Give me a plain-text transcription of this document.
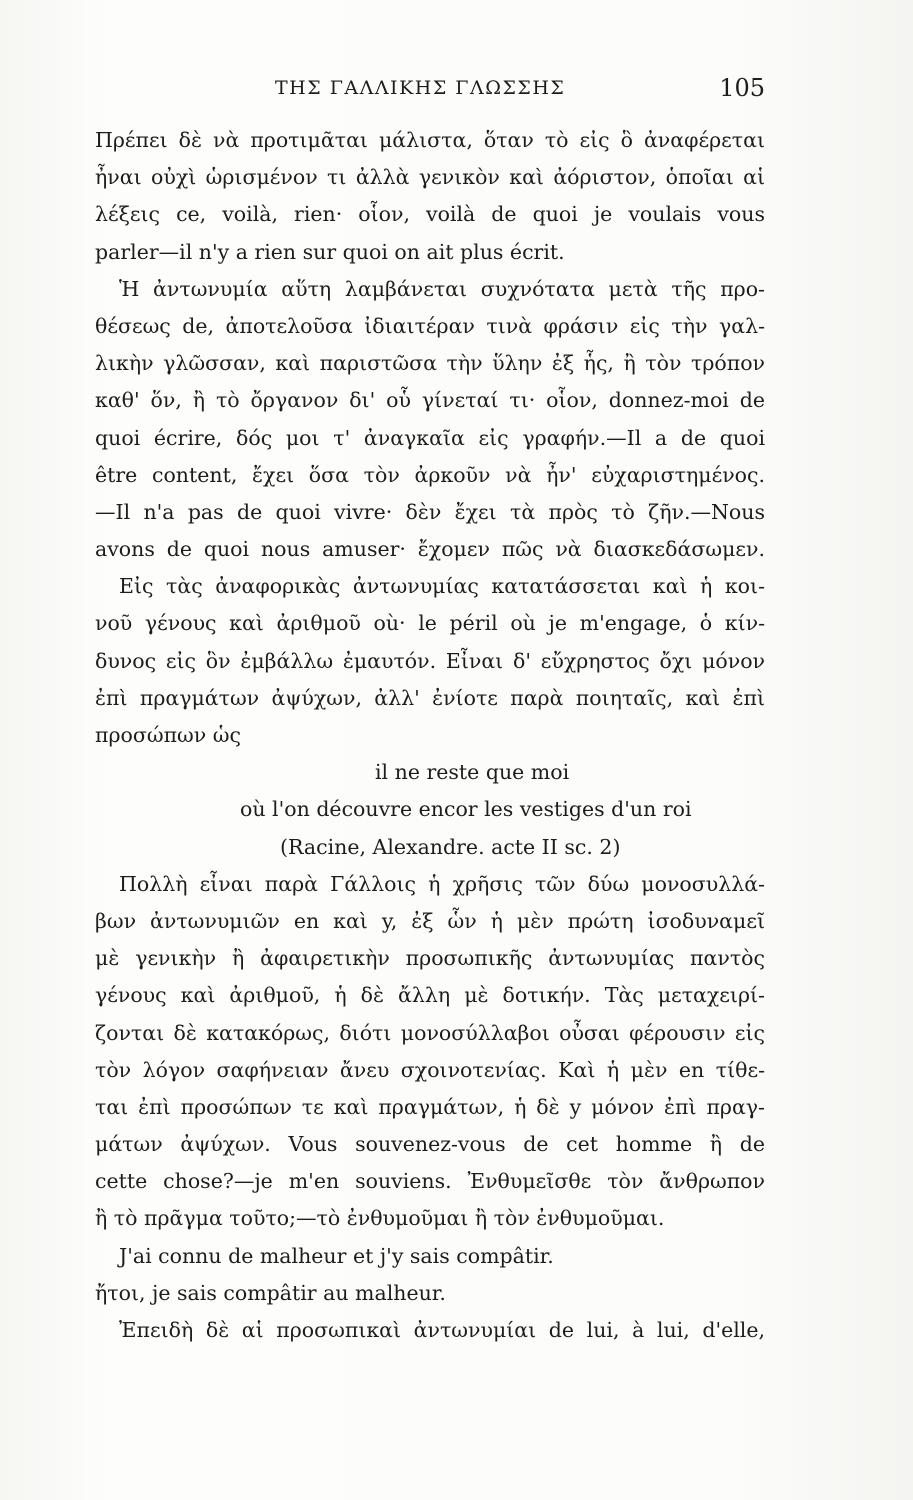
ΤΗΣ ΓΑΛΛΙΚΗΣ ΓΛΩΣΣΗΣ	105
Πρέπει δὲ νὰ προτιμᾶται μάλιστα, ὅταν τὸ εἰς ὃ ἀναφέρεται
ἦναι οὐχὶ ὡρισμένον τι ἀλλὰ γενικὸν καὶ ἀόριστον, ὁποῖαι αἱ
λέξεις ce, voilà, rien· οἷον, voilà de quoi je voulais vous
parler—il n'y a rien sur quoi on ait plus écrit.
Ἡ ἀντωνυμία αὕτη λαμβάνεται συχνότατα μετὰ τῆς προ-
θέσεως de, ἀποτελοῦσα ἰδιαιτέραν τινὰ φράσιν εἰς τὴν γαλ-
λικὴν γλῶσσαν, καὶ παριστῶσα τὴν ὕλην ἐξ ἧς, ἢ τὸν τρόπον
καθ' ὅν, ἢ τὸ ὄργανον δι' οὗ γίνεταί τι· οἷον, donnez-moi de
quoi écrire, δός μοι τ' ἀναγκαῖα εἰς γραφήν.—Il a de quoi
être content, ἔχει ὅσα τὸν ἀρκοῦν νὰ ἦν' εὐχαριστημένος.
—Il n'a pas de quoi vivre· δὲν ἔχει τὰ πρὸς τὸ ζῆν.—Nous
avons de quoi nous amuser· ἔχομεν πῶς νὰ διασκεδάσωμεν.
Εἰς τὰς ἀναφορικὰς ἀντωνυμίας κατατάσσεται καὶ ἡ κοι-
νοῦ γένους καὶ ἀριθμοῦ où· le péril où je m'engage, ὁ κίν-
δυνος εἰς ὃν ἐμβάλλω ἐμαυτόν. Εἶναι δ' εὔχρηστος ὄχι μόνον
ἐπὶ πραγμάτων ἀψύχων, ἀλλ' ἐνίοτε παρὰ ποιηταῖς, καὶ ἐπὶ
προσώπων ὡς
il ne reste que moi
où l'on découvre encor les vestiges d'un roi
(Racine, Alexandre. acte II sc. 2)
Πολλὴ εἶναι παρὰ Γάλλοις ἡ χρῆσις τῶν δύω μονοσυλλά-
βων ἀντωνυμιῶν en καὶ y, ἐξ ὧν ἡ μὲν πρώτη ἰσοδυναμεῖ
μὲ γενικὴν ἢ ἀφαιρετικὴν προσωπικῆς ἀντωνυμίας παντὸς
γένους καὶ ἀριθμοῦ, ἡ δὲ ἄλλη μὲ δοτικήν. Τὰς μεταχειρί-
ζονται δὲ κατακόρως, διότι μονοσύλλαβοι οὖσαι φέρουσιν εἰς
τὸν λόγον σαφήνειαν ἄνευ σχοινοτενίας. Καὶ ἡ μὲν en τίθε-
ται ἐπὶ προσώπων τε καὶ πραγμάτων, ἡ δὲ y μόνον ἐπὶ πραγ-
μάτων ἀψύχων. Vous souvenez-vous de cet homme ἢ de
cette chose?—je m'en souviens. Ἐνθυμεῖσθε τὸν ἄνθρωπον
ἢ τὸ πρᾶγμα τοῦτο;—τὸ ἐνθυμοῦμαι ἢ τὸν ἐνθυμοῦμαι.
J'ai connu de malheur et j'y sais compâtir.
ἤτοι, je sais compâtir au malheur.
Ἐπειδὴ δὲ αἱ προσωπικαὶ ἀντωνυμίαι de lui, à lui, d'elle,
